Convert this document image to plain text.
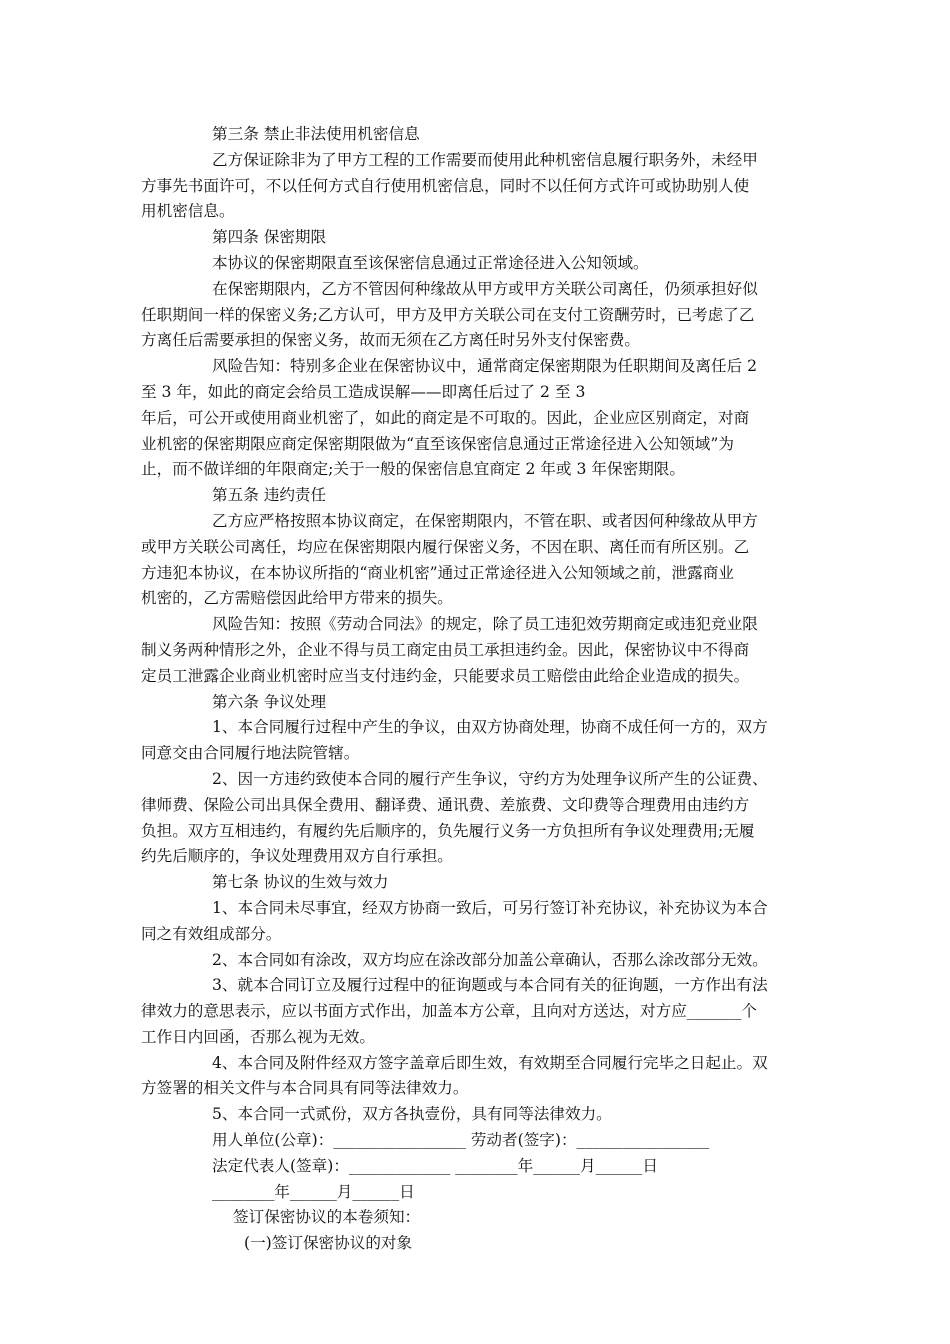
第三条 禁止非法使用机密信息
乙方保证除非为了甲方工程的工作需要而使用此种机密信息履行职务外，未经甲
方事先书面许可，不以任何方式自行使用机密信息，同时不以任何方式许可或协助别人使
用机密信息。
第四条 保密期限
本协议的保密期限直至该保密信息通过正常途径进入公知领域。
在保密期限内，乙方不管因何种缘故从甲方或甲方关联公司离任，仍须承担好似
任职期间一样的保密义务;乙方认可，甲方及甲方关联公司在支付工资酬劳时，已考虑了乙
方离任后需要承担的保密义务，故而无须在乙方离任时另外支付保密费。
风险告知：特别多企业在保密协议中，通常商定保密期限为任职期间及离任后 2
至 3 年，如此的商定会给员工造成误解——即离任后过了 2 至 3
年后，可公开或使用商业机密了，如此的商定是不可取的。因此，企业应区别商定，对商
业机密的保密期限应商定保密期限做为“直至该保密信息通过正常途径进入公知领域”为
止，而不做详细的年限商定;关于一般的保密信息宜商定 2 年或 3 年保密期限。
第五条 违约责任
乙方应严格按照本协议商定，在保密期限内，不管在职、或者因何种缘故从甲方
或甲方关联公司离任，均应在保密期限内履行保密义务，不因在职、离任而有所区别。乙
方违犯本协议，在本协议所指的“商业机密”通过正常途径进入公知领域之前，泄露商业
机密的，乙方需赔偿因此给甲方带来的损失。
风险告知：按照《劳动合同法》的规定，除了员工违犯效劳期商定或违犯竞业限
制义务两种情形之外，企业不得与员工商定由员工承担违约金。因此，保密协议中不得商
定员工泄露企业商业机密时应当支付违约金，只能要求员工赔偿由此给企业造成的损失。
第六条 争议处理
1、本合同履行过程中产生的争议，由双方协商处理，协商不成任何一方的，双方
同意交由合同履行地法院管辖。
2、因一方违约致使本合同的履行产生争议，守约方为处理争议所产生的公证费、
律师费、保险公司出具保全费用、翻译费、通讯费、差旅费、文印费等合理费用由违约方
负担。双方互相违约，有履约先后顺序的，负先履行义务一方负担所有争议处理费用;无履
约先后顺序的，争议处理费用双方自行承担。
第七条 协议的生效与效力
1、本合同未尽事宜，经双方协商一致后，可另行签订补充协议，补充协议为本合
同之有效组成部分。
2、本合同如有涂改，双方均应在涂改部分加盖公章确认，否那么涂改部分无效。
3、就本合同订立及履行过程中的征询题或与本合同有关的征询题，一方作出有法
律效力的意思表示，应以书面方式作出，加盖本方公章，且向对方送达，对方应_______个
工作日内回函，否那么视为无效。
4、本合同及附件经双方签字盖章后即生效，有效期至合同履行完毕之日起止。双
方签署的相关文件与本合同具有同等法律效力。
5、本合同一式贰份，双方各执壹份，具有同等法律效力。
用人单位(公章)：_________________ 劳动者(签字)：_________________
法定代表人(签章)：_____________ ________年______月______日
________年______月______日
签订保密协议的本卷须知：
(一)签订保密协议的对象
